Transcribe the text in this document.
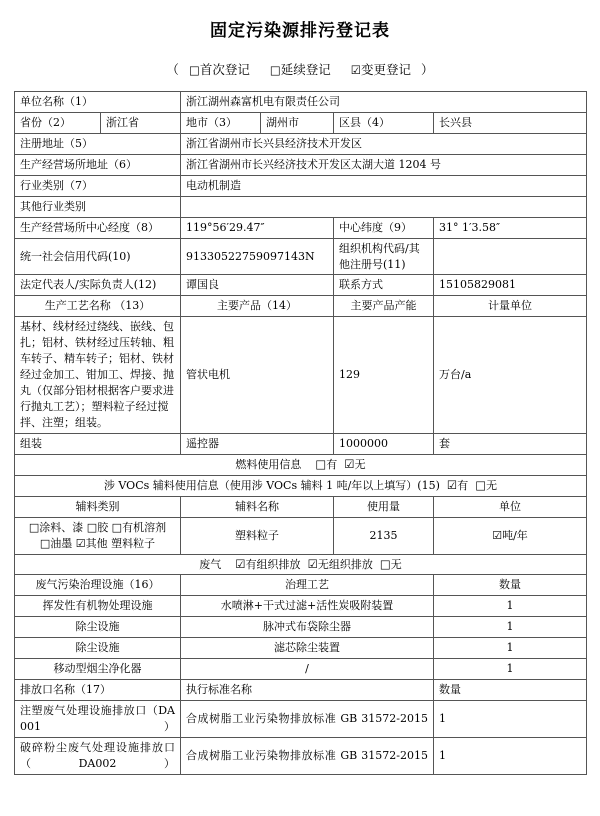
固定污染源排污登记表
（ □首次登记 □延续登记 ☑变更登记 ）
单位名称（1）		浙江湖州森富机电有限责任公司			
省份（2）	浙江省	地市（3）	湖州市	区县（4）	长兴县
注册地址（5）		浙江省湖州市长兴县经济技术开发区			
生产经营场所地址（6）		浙江省湖州市长兴经济技术开发区太湖大道 1204 号			
行业类别（7）		电动机制造			
其他行业类别					
生产经营场所中心经度（8）		119°56′29.47″		中心纬度（9）	31° 1′3.58″
统一社会信用代码(10)		91330522759097143N		组织机构代码/其他注册号(11)	
法定代表人/实际负责人(12)		谭国良		联系方式	15105829081
生产工艺名称 （13）		主要产品（14）		主要产品产能	计量单位
基材、线材经过绕线、嵌线、包扎；铝材、铁材经过压转轴、粗车转子、精车转子；铝材、铁材经过金加工、钳加工、焊接、抛丸（仅部分铝材根据客户要求进行抛丸工艺）；塑料粒子经过搅拌、注塑；组装。		管状电机		129	万台/a
组装		遥控器		1000000	套
燃料使用信息 □有 ☑无					
涉 VOCs 辅料使用信息（使用涉 VOCs 辅料 1 吨/年以上填写）(15) ☑有 □无					
辅料类别		辅料名称		使用量	单位
□涂料、漆 □胶 □有机溶剂
□油墨 ☑其他 塑料粒子		塑料粒子		2135	☑吨/年
废气 ☑有组织排放 ☑无组织排放 □无					
废气污染治理设施（16）		治理工艺			数量
挥发性有机物处理设施		水喷淋+干式过滤+活性炭吸附装置			1
除尘设施		脉冲式布袋除尘器			1
除尘设施		滤芯除尘装置			1
移动型烟尘净化器		/			1
排放口名称（17）		执行标准名称			数量
注塑废气处理设施排放口（DA001）		合成树脂工业污染物排放标准 GB 31572-2015			1
破碎粉尘废气处理设施排放口（DA002）		合成树脂工业污染物排放标准 GB 31572-2015			1
